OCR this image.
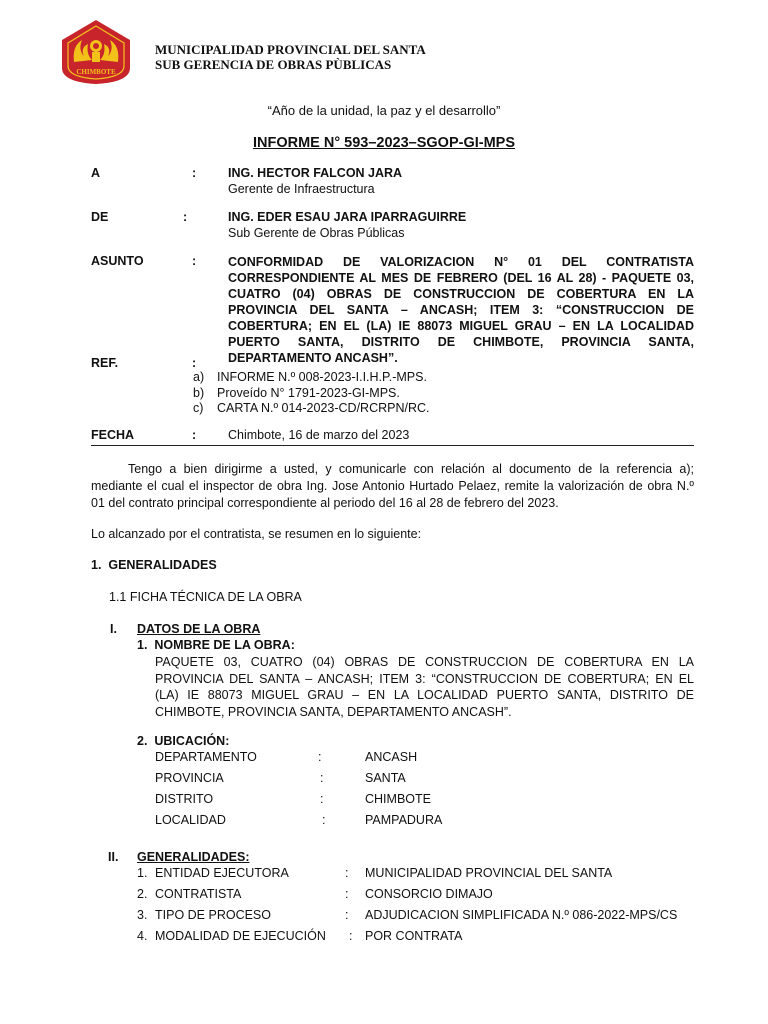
CHIMBOTE
MUNICIPALIDAD PROVINCIAL DEL SANTA
SUB GERENCIA DE OBRAS PÙBLICAS
“Año de la unidad, la paz y el desarrollo”
INFORME N° 593–2023–SGOP-GI-MPS
A	:	ING. HECTOR FALCON JARA
Gerente de Infraestructura
DE	:	ING. EDER ESAU JARA IPARRAGUIRRE
Sub Gerente de Obras Públicas
ASUNTO	:	CONFORMIDAD DE VALORIZACION N° 01 DEL CONTRATISTA
CORRESPONDIENTE AL MES DE FEBRERO (DEL 16 AL 28) - PAQUETE 03,
CUATRO (04) OBRAS DE CONSTRUCCION DE COBERTURA EN LA
PROVINCIA DEL SANTA – ANCASH; ITEM 3: “CONSTRUCCION DE
COBERTURA; EN EL (LA) IE 88073 MIGUEL GRAU – EN LA LOCALIDAD
PUERTO SANTA, DISTRITO DE CHIMBOTE, PROVINCIA SANTA,
DEPARTAMENTO ANCASH”.
REF.	:
a) INFORME N.º 008-2023-I.I.H.P.-MPS.
b) Proveído N° 1791-2023-GI-MPS.
c) CARTA N.º 014-2023-CD/RCRPN/RC.
FECHA	:	Chimbote, 16 de marzo del 2023
Tengo a bien dirigirme a usted, y comunicarle con relación al documento de la referencia a);
mediante el cual el inspector de obra Ing. Jose Antonio Hurtado Pelaez, remite la valorización de obra N.º
01 del contrato principal correspondiente al periodo del 16 al 28 de febrero del 2023.
Lo alcanzado por el contratista, se resumen en lo siguiente:
1.  GENERALIDADES
1.1 FICHA TÉCNICA DE LA OBRA
I. DATOS DE LA OBRA
1.  NOMBRE DE LA OBRA:
PAQUETE 03, CUATRO (04) OBRAS DE CONSTRUCCION DE COBERTURA EN LA
PROVINCIA DEL SANTA – ANCASH; ITEM 3: “CONSTRUCCION DE COBERTURA; EN EL
(LA) IE 88073 MIGUEL GRAU – EN LA LOCALIDAD PUERTO SANTA, DISTRITO DE
CHIMBOTE, PROVINCIA SANTA, DEPARTAMENTO ANCASH”.
2.  UBICACIÓN:
DEPARTAMENTO	:	ANCASH
PROVINCIA	:	SANTA
DISTRITO	:	CHIMBOTE
LOCALIDAD	:	PAMPADURA
II. GENERALIDADES:
1. ENTIDAD EJECUTORA	: MUNICIPALIDAD PROVINCIAL DEL SANTA
2. CONTRATISTA	: CONSORCIO DIMAJO
3. TIPO DE PROCESO	: ADJUDICACION SIMPLIFICADA N.º 086-2022-MPS/CS
4. MODALIDAD DE EJECUCIÓN : POR CONTRATA
